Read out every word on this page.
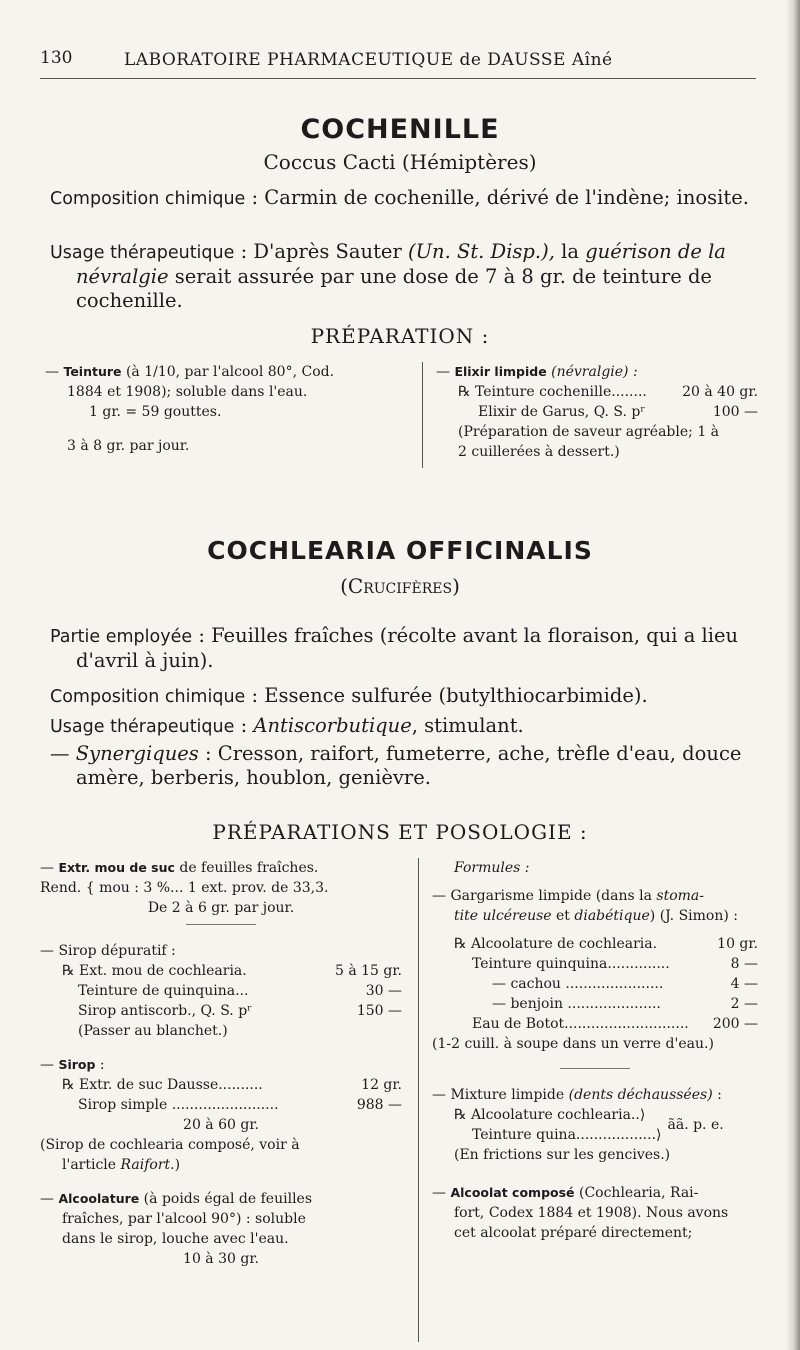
130	LABORATOIRE PHARMACEUTIQUE de DAUSSE Aîné
COCHENILLE
Coccus Cacti (Hémiptères)
Composition chimique : Carmin de cochenille, dérivé de l'indène; inosite.
Usage thérapeutique : D'après Sauter (Un. St. Disp.), la guérison de la névralgie serait assurée par une dose de 7 à 8 gr. de teinture de cochenille.
PRÉPARATION :

— Teinture (à 1/10, par l'alcool 80°, Cod.

1884 et 1908); soluble dans l'eau.

1 gr. = 59 gouttes.

3 à 8 gr. par jour.

— Elixir limpide (névralgie) :

℞ Teinture cochenille........	20 à 40 gr.
Elixir de Garus, Q. S. pʳ	100 —

(Préparation de saveur agréable; 1 à

2 cuillerées à dessert.)

COCHLEARIA OFFICINALIS
(Crucifères)
Partie employée : Feuilles fraîches (récolte avant la floraison, qui a lieu d'avril à juin).
Composition chimique : Essence sulfurée (butylthiocarbimide).
Usage thérapeutique : Antiscorbutique, stimulant.
— Synergiques : Cresson, raifort, fumeterre, ache, trèfle d'eau, douce amère, berberis, houblon, genièvre.
PRÉPARATIONS ET POSOLOGIE :

— Extr. mou de suc de feuilles fraîches.

Rend. { mou : 3 %... 1 ext. prov. de 33,3.

De 2 à 6 gr. par jour.

— Sirop dépuratif :

℞ Ext. mou de cochlearia.	5 à 15 gr.
Teinture de quinquina...	30 —
Sirop antiscorb., Q. S. pʳ	150 —

(Passer au blanchet.)

— Sirop :

℞ Extr. de suc Dausse..........	12 gr.
Sirop simple ........................	988 —

20 à 60 gr.

(Sirop de cochlearia composé, voir à

l'article Raifort.)

— Alcoolature (à poids égal de feuilles

fraîches, par l'alcool 90°) : soluble

dans le sirop, louche avec l'eau.

10 à 30 gr.

Formules :

— Gargarisme limpide (dans la stoma-

tite ulcéreuse et diabétique) (J. Simon) :

℞ Alcoolature de cochlearia.	10 gr.
Teinture quinquina..............	8 —
— cachou ......................	4 —
— benjoin .....................	2 —
Eau de Botot............................ 200 —

(1-2 cuill. à soupe dans un verre d'eau.)

— Mixture limpide (dents déchaussées) :

℞ Alcoolature cochlearia..⟩

Teinture quina..................⟩

ãã. p. e.

(En frictions sur les gencives.)

— Alcoolat composé (Cochlearia, Rai-

fort, Codex 1884 et 1908). Nous avons

cet alcoolat préparé directement;
